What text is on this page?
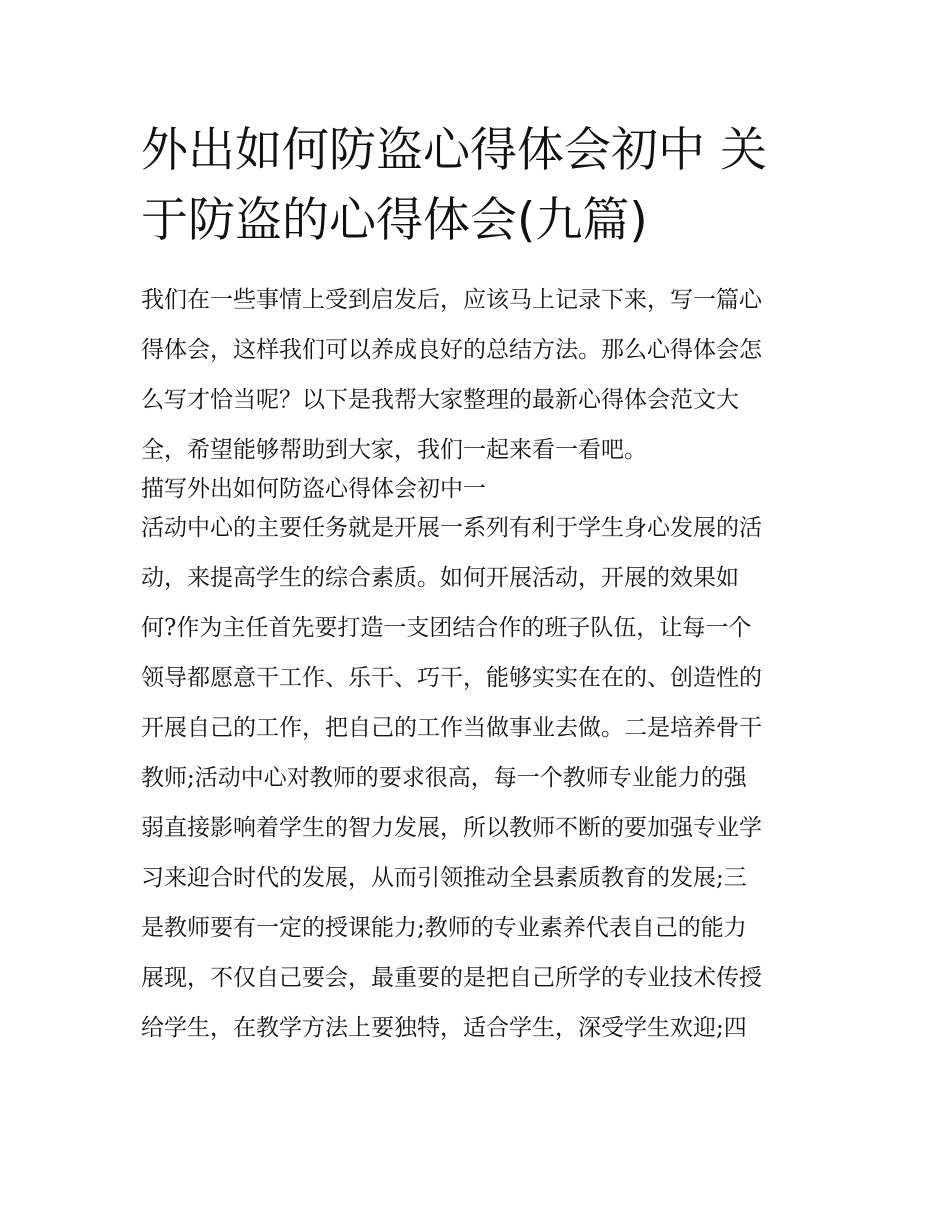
外出如何防盗心得体会初中 关
于防盗的心得体会(九篇)
我们在一些事情上受到启发后，应该马上记录下来，写一篇心
得体会，这样我们可以养成良好的总结方法。那么心得体会怎
么写才恰当呢？以下是我帮大家整理的最新心得体会范文大
全，希望能够帮助到大家，我们一起来看一看吧。
描写外出如何防盗心得体会初中一
活动中心的主要任务就是开展一系列有利于学生身心发展的活
动，来提高学生的综合素质。如何开展活动，开展的效果如
何?作为主任首先要打造一支团结合作的班子队伍，让每一个
领导都愿意干工作、乐干、巧干，能够实实在在的、创造性的
开展自己的工作，把自己的工作当做事业去做。二是培养骨干
教师;活动中心对教师的要求很高，每一个教师专业能力的强
弱直接影响着学生的智力发展，所以教师不断的要加强专业学
习来迎合时代的发展，从而引领推动全县素质教育的发展;三
是教师要有一定的授课能力;教师的专业素养代表自己的能力
展现，不仅自己要会，最重要的是把自己所学的专业技术传授
给学生，在教学方法上要独特，适合学生，深受学生欢迎;四
